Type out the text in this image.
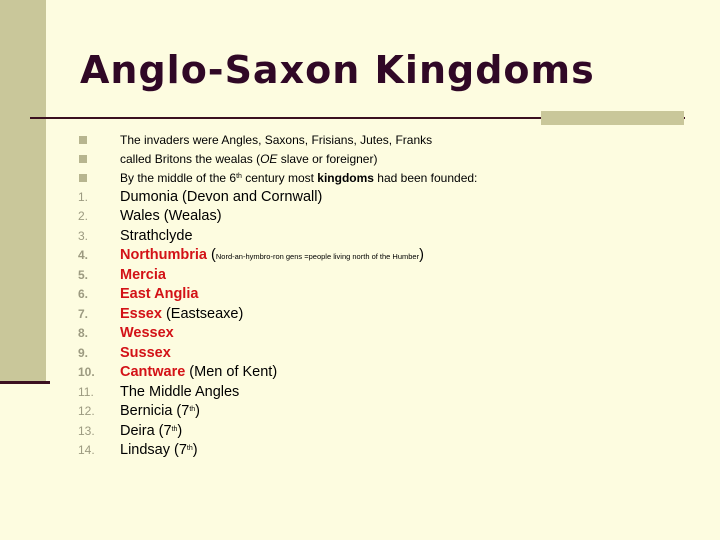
Anglo-Saxon Kingdoms
The invaders were Angles, Saxons, Frisians, Jutes, Franks
called Britons the wealas (OE slave or foreigner)
By the middle of the 6th century most kingdoms had been founded:
1.	Dumonia (Devon and Cornwall)
2.	Wales (Wealas)
3.	Strathclyde
4.	Northumbria (Nord-an-hymbro-ron gens =people living north of the Humber)
5.	Mercia
6.	East Anglia
7.	Essex (Eastseaxe)
8.	Wessex
9.	Sussex
10.	Cantware (Men of Kent)
11.	The Middle Angles
12.	Bernicia (7th)
13.	Deira (7th)
14.	Lindsay (7th)
